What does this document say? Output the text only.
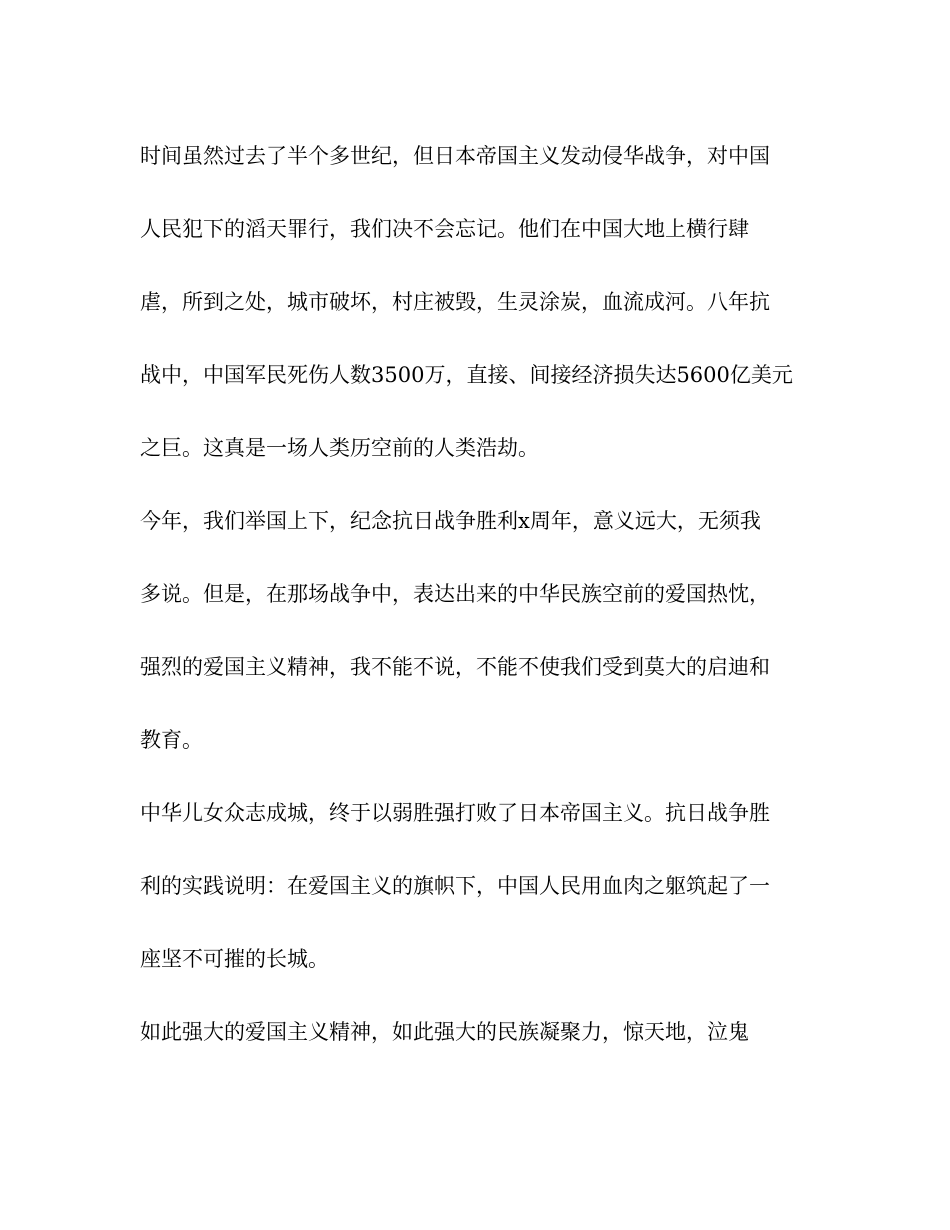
时间虽然过去了半个多世纪，但日本帝国主义发动侵华战争，对中国

人民犯下的滔天罪行，我们决不会忘记。他们在中国大地上横行肆

虐，所到之处，城市破坏，村庄被毁，生灵涂炭，血流成河。八年抗

战中，中国军民死伤人数3500万，直接、间接经济损失达5600亿美元

之巨。这真是一场人类历空前的人类浩劫。

今年，我们举国上下，纪念抗日战争胜利x周年，意义远大，无须我

多说。但是，在那场战争中，表达出来的中华民族空前的爱国热忱，

强烈的爱国主义精神，我不能不说，不能不使我们受到莫大的启迪和

教育。

中华儿女众志成城，终于以弱胜强打败了日本帝国主义。抗日战争胜

利的实践说明：在爱国主义的旗帜下，中国人民用血肉之躯筑起了一

座坚不可摧的长城。

如此强大的爱国主义精神，如此强大的民族凝聚力，惊天地，泣鬼
